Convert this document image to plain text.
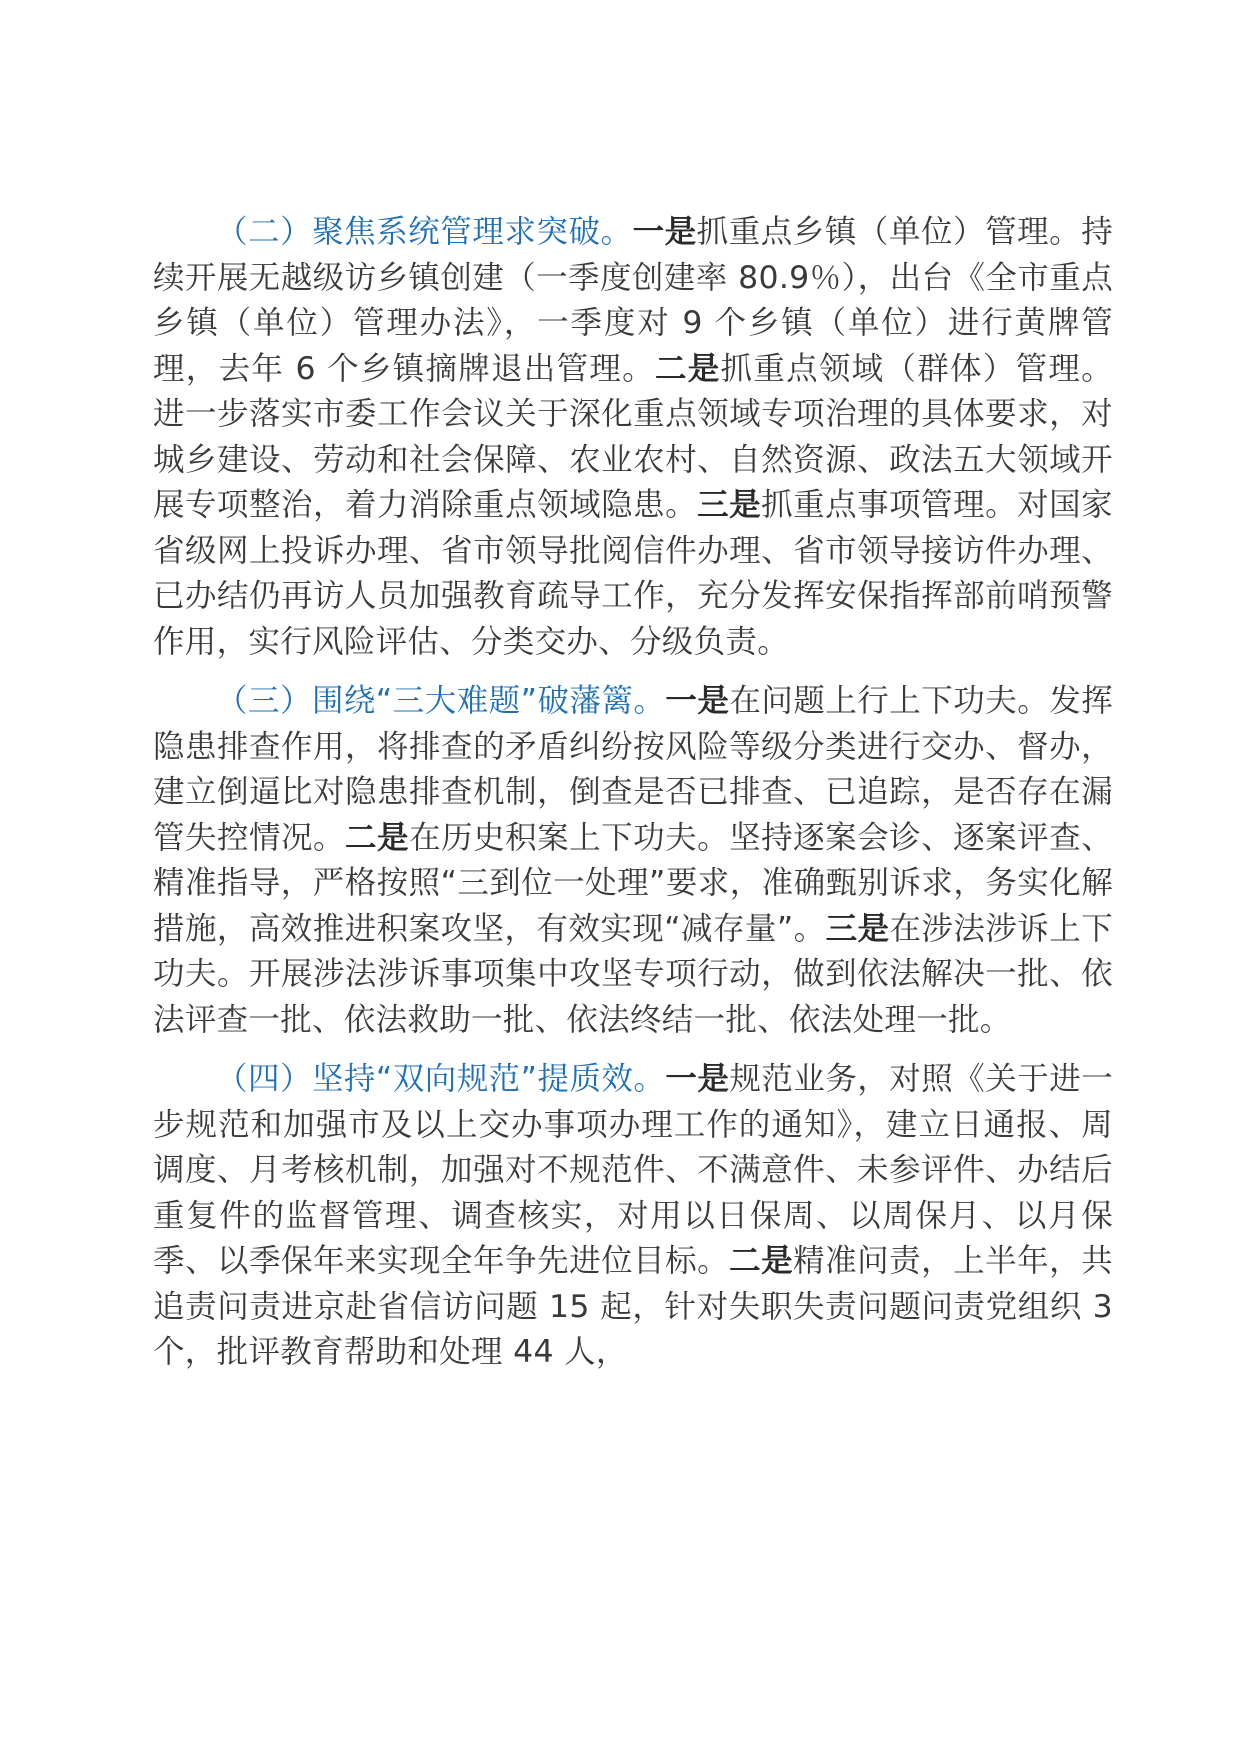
（二）聚焦系统管理求突破。一是抓重点乡镇（单位）管理。持续开展无越级访乡镇创建（一季度创建率 80.9％），出台《全市重点乡镇（单位）管理办法》，一季度对 9 个乡镇（单位）进行黄牌管理，去年 6 个乡镇摘牌退出管理。二是抓重点领域（群体）管理。进一步落实市委工作会议关于深化重点领域专项治理的具体要求，对城乡建设、劳动和社会保障、农业农村、自然资源、政法五大领域开展专项整治，着力消除重点领域隐患。三是抓重点事项管理。对国家省级网上投诉办理、省市领导批阅信件办理、省市领导接访件办理、已办结仍再访人员加强教育疏导工作，充分发挥安保指挥部前哨预警作用，实行风险评估、分类交办、分级负责。

（三）围绕“三大难题”破藩篱。一是在问题上行上下功夫。发挥隐患排查作用，将排查的矛盾纠纷按风险等级分类进行交办、督办，建立倒逼比对隐患排查机制，倒查是否已排查、已追踪，是否存在漏管失控情况。二是在历史积案上下功夫。坚持逐案会诊、逐案评查、精准指导，严格按照“三到位一处理”要求，准确甄别诉求，务实化解措施，高效推进积案攻坚，有效实现“减存量”。三是在涉法涉诉上下功夫。开展涉法涉诉事项集中攻坚专项行动，做到依法解决一批、依法评查一批、依法救助一批、依法终结一批、依法处理一批。

（四）坚持“双向规范”提质效。一是规范业务，对照《关于进一步规范和加强市及以上交办事项办理工作的通知》，建立日通报、周调度、月考核机制，加强对不规范件、不满意件、未参评件、办结后重复件的监督管理、调查核实，对用以日保周、以周保月、以月保季、以季保年来实现全年争先进位目标。二是精准问责，上半年，共追责问责进京赴省信访问题 15 起，针对失职失责问题问责党组织 3 个，批评教育帮助和处理 44 人，
